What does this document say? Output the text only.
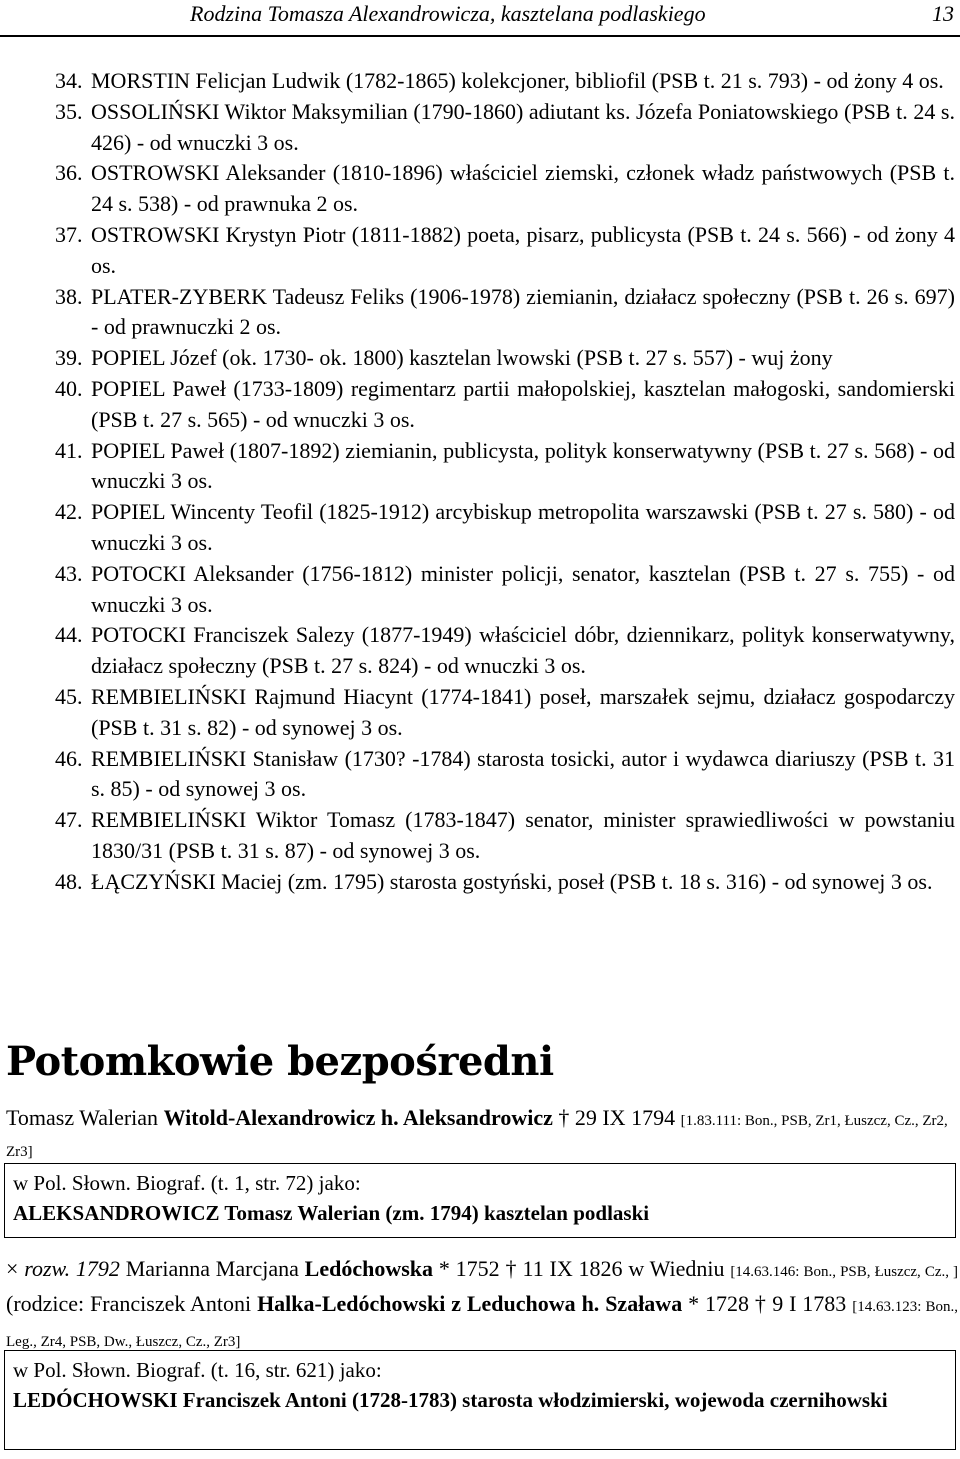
Rodzina Tomasza Alexandrowicza, kasztelana podlaskiego	13
34. MORSTIN Felicjan Ludwik (1782-1865) kolekcjoner, bibliofil (PSB t. 21 s. 793) - od żony 4 os.
35. OSSOLIŃSKI Wiktor Maksymilian (1790-1860) adiutant ks. Józefa Poniatowskiego (PSB t. 24 s. 426) - od wnuczki 3 os.
36. OSTROWSKI Aleksander (1810-1896) właściciel ziemski, członek władz państwowych (PSB t. 24 s. 538) - od prawnuka 2 os.
37. OSTROWSKI Krystyn Piotr (1811-1882) poeta, pisarz, publicysta (PSB t. 24 s. 566) - od żony 4 os.
38. PLATER-ZYBERK Tadeusz Feliks (1906-1978) ziemianin, działacz społeczny (PSB t. 26 s. 697) - od prawnuczki 2 os.
39. POPIEL Józef (ok. 1730- ok. 1800) kasztelan lwowski (PSB t. 27 s. 557) - wuj żony
40. POPIEL Paweł (1733-1809) regimentarz partii małopolskiej, kasztelan małogoski, sandomierski (PSB t. 27 s. 565) - od wnuczki 3 os.
41. POPIEL Paweł (1807-1892) ziemianin, publicysta, polityk konserwatywny (PSB t. 27 s. 568) - od wnuczki 3 os.
42. POPIEL Wincenty Teofil (1825-1912) arcybiskup metropolita warszawski (PSB t. 27 s. 580) - od wnuczki 3 os.
43. POTOCKI Aleksander (1756-1812) minister policji, senator, kasztelan (PSB t. 27 s. 755) - od wnuczki 3 os.
44. POTOCKI Franciszek Salezy (1877-1949) właściciel dóbr, dziennikarz, polityk konserwatywny, działacz społeczny (PSB t. 27 s. 824) - od wnuczki 3 os.
45. REMBIELIŃSKI Rajmund Hiacynt (1774-1841) poseł, marszałek sejmu, działacz gospodarczy (PSB t. 31 s. 82) - od synowej 3 os.
46. REMBIELIŃSKI Stanisław (1730? -1784) starosta tosicki, autor i wydawca diariuszy (PSB t. 31 s. 85) - od synowej 3 os.
47. REMBIELIŃSKI Wiktor Tomasz (1783-1847) senator, minister sprawiedliwości w powstaniu 1830/31 (PSB t. 31 s. 87) - od synowej 3 os.
48. ŁĄCZYŃSKI Maciej (zm. 1795) starosta gostyński, poseł (PSB t. 18 s. 316) - od synowej 3 os.
Potomkowie bezpośredni
Tomasz Walerian Witold-Alexandrowicz h. Aleksandrowicz † 29 IX 1794 [1.83.111: Bon., PSB, Zr1, Łuszcz, Cz., Zr2, Zr3]
w Pol. Słown. Biograf. (t. 1, str. 72) jako:
ALEKSANDROWICZ Tomasz Walerian (zm. 1794) kasztelan podlaski
× rozw. 1792 Marianna Marcjana Ledóchowska * 1752 † 11 IX 1826 w Wiedniu [14.63.146: Bon., PSB, Łuszcz, Cz., ] (rodzice: Franciszek Antoni Halka-Ledóchowski z Leduchowa h. Szaława * 1728 † 9 I 1783 [14.63.123: Bon., Leg., Zr4, PSB, Dw., Łuszcz, Cz., Zr3]
w Pol. Słown. Biograf. (t. 16, str. 621) jako:
LEDÓCHOWSKI Franciszek Antoni (1728-1783) starosta włodzimierski, wojewoda czernihowski
